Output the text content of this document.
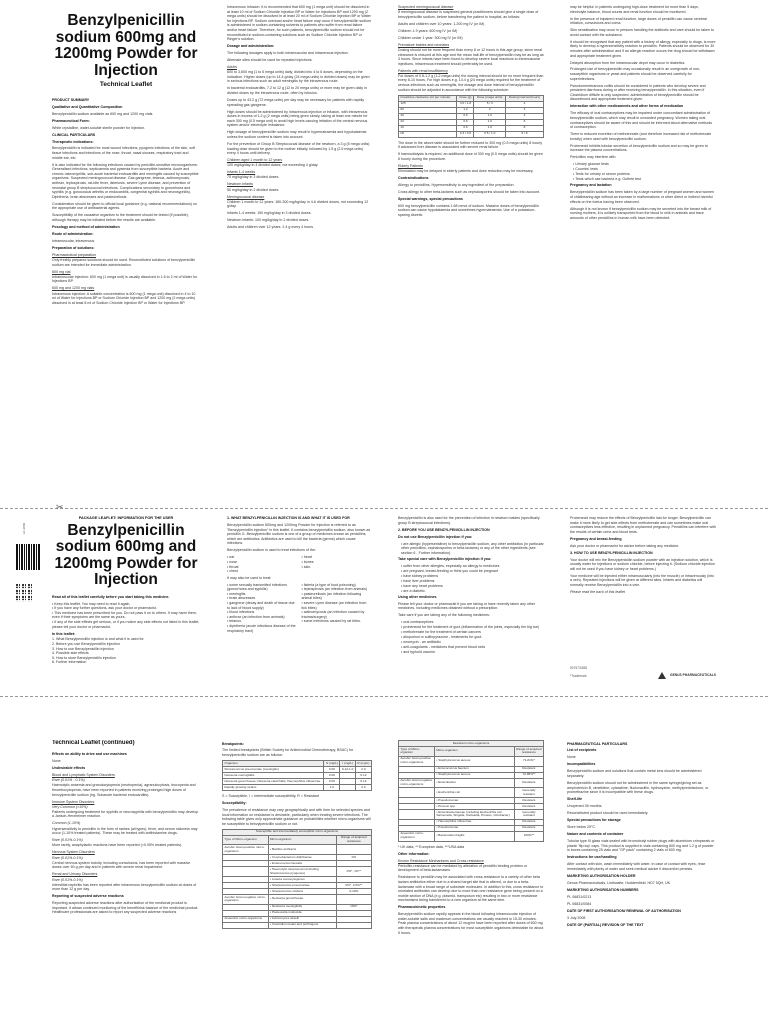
Benzylpenicillin sodium 600mg and 1200mg Powder for Injection
Technical Leaflet

PRODUCT SUMMARY

Qualitative and Quantitative Composition

Benzylpenicillin sodium available as 600 mg and 1200 mg vials.

Pharmaceutical Form:

White crystalline, water-soluble sterile powder for injection.

CLINICAL PARTICULARS

Therapeutic indications:

Benzylpenicillin is indicated for most wound infections, pyogenic infections of the skin, soft tissue infections and infections of the nose, throat, nasal sinuses, respiratory tract and middle ear, etc.

It is also indicated for the following infections caused by penicillin-sensitive microorganisms: Generalised infections, septicaemia and pyaemia from susceptible bacteria. Acute and chronic osteomyelitis, sub-acute bacterial endocarditis and meningitis caused by susceptible organisms. Suspected meningococcal disease. Gas gangrene, tetanus, actinomycosis, anthrax, leptospirosis, rat-bite fever, listeriosis, severe Lyme disease, and prevention of neonatal group B streptococcal infections. Complications secondary to gonorrhoea and syphilis (e.g. gonococcal arthritis or endocarditis, congenital syphilis and neurosyphilis). Diphtheria, brain abscesses and pasteurellosis.

Consideration should be given to official local guidance (e.g. national recommendations) on the appropriate use of antibacterial agents.

Susceptibility of the causative organism to the treatment should be tested (if possible), although therapy may be initiated before the results are available.

Posology and method of administration

Route of administration:

Intramuscular, intravenous.

Preparation of solutions:

Pharmaceutical preparation

Only freshly prepared solutions should be used. Reconstituted solutions of benzylpenicillin sodium are intended for immediate administration.

600 mg vial

Intramuscular injection: 600 mg (1 mega unit) is usually dissolved in 1.6 to 2 ml of Water for Injections BP.

600 mg and 1200 mg vials

Intravenous injection: A suitable concentration is 600 mg (1 mega unit) dissolved in 4 to 10 ml of Water for Injections BP or Sodium Chloride Injection BP and 1200 mg (2 mega units) dissolved in at least 8 ml of Sodium Chloride Injection BP or Water for Injections BP.

Intravenous Infusion: It is recommended that 600 mg (1 mega unit) should be dissolved in at least 10 ml of Sodium Chloride Injection BP or Water for Injections BP and 1200 mg (2 mega units) should be dissolved in at least 20 ml of Sodium Chloride Injection BP or Water for Injections BP. Sodium overload and/or heart failure may occur if benzylpenicillin sodium is administered in sodium-containing solvents to patients who suffer from renal failure and/or heart failure. Therefore, for such patients, benzylpenicillin sodium should not be reconstituted in sodium-containing solutions such as Sodium Chloride Injection BP or Ringer's solution.

Dosage and administration:

The following dosages apply to both intramuscular and intravenous injection.

Alternate sites should be used for repeated injections.

Adults

600 to 3,600 mg (1 to 6 mega units) daily, divided into 4 to 6 doses, depending on the indication. Higher doses (up to 14.4 g/day (24 mega units) in divided doses) may be given in serious infections such as adult meningitis by the intravenous route.

In bacterial endocarditis, 7.2 to 12 g (12 to 20 mega units) or more may be given daily in divided doses by the intravenous route, often by infusion.

Doses up to 43.2 g (72 mega units) per day may be necessary for patients with rapidly spreading gas gangrene.

High doses should be administered by intravenous injection or infusion, with intravenous doses in excess of 1.2 g (2 mega units) being given slowly, taking at least one minute for each 300 mg (0.5 mega unit) to avoid high levels causing irritation of the central nervous system and/or electrolyte imbalance.

High dosage of benzylpenicillin sodium may result in hypernatraemia and hypokalaemia unless the sodium content is taken into account.

For the prevention of Group B Streptococcal disease of the newborn, a 3 g (5 mega units) loading dose should be given to the mother initially, followed by 1.5 g (2.5 mega units) every 4 hours until delivery.

Children aged 1 month to 12 years

100 mg/kg/day in 4 divided doses; not exceeding 4 g/day.

Infants 1-4 weeks

75 mg/kg/day in 3 divided doses.

Newborn infants

50 mg/kg/day in 2 divided doses.

Meningococcal disease

Children 1 month to 12 years: 180-300 mg/kg/day in 4-6 divided doses, not exceeding 12 g/day.

Infants 1-4 weeks: 150 mg/kg/day in 3 divided doses.

Newborn infants: 100 mg/kg/day in 2 divided doses.

Adults and children over 12 years: 2.4 g every 4 hours

Suspected meningococcal disease

If meningococcal disease is suspected general practitioners should give a single dose of benzylpenicillin sodium, before transferring the patient to hospital, as follows:

Adults and children over 10 years: 1,200 mg IV (or IM)

Children 1-9 years: 600 mg IV (or IM)

Children under 1 year: 300 mg IV (or IM)

Premature babies and neonates

Dosing should not be more frequent than every 8 or 12 hours in this age group, since renal clearance is reduced at this age and the mean half-life of benzylpenicillin may be as long as 3 hours. Since infants have been found to develop severe local reactions to intramuscular injections, intravenous treatment should preferably be used.

Patients with renal insufficiency

For doses of 0.6-1.2 g (1-2 mega units) the dosing interval should be no more frequent than every 8-10 hours. For high doses e.g. 14.4 g (24 mega units) required for the treatment of serious infections such as meningitis, the dosage and dose interval of benzylpenicillin sodium should be adjusted in accordance with the following schedule:

Creatinine clearance (ml per minute)	Dose (g)	Dose (mega units)	Dosing interval (hours)
125	3.0 / 1.8	5 / 3	4
60	1.2	2	4
40	0.6	1.0	4
20	0.6	1.0	6
10	0.6	1.0	8
Nil	0.3 / 0.6	0.5 / 1.0	6 / 8

The dose in the above table should be further reduced to 300 mg (0.5 mega units) 8 hourly if advanced liver disease is associated with severe renal failure.

If haemodialysis is required, an additional dose of 300 mg (0.5 mega units) should be given 6 hourly during the procedure.

Elderly Patients

Elimination may be delayed in elderly patients and dose reduction may be necessary.

Contraindications

Allergy to penicillins. Hypersensitivity to any ingredient of the preparation.

Cross allergy to other beta-lactams such as cephalosporins should be taken into account.

Special warnings, special precautions

600 mg benzylpenicillin contains 1.68 mmol of sodium. Massive doses of benzylpenicillin sodium can cause hypokalaemia and sometimes hypernatraemia. Use of a potassium-sparing diuretic

may be helpful. In patients undergoing high-dose treatment for more than 5 days, electrolyte balance, blood counts and renal function should be monitored.

In the presence of impaired renal function, large doses of penicillin can cause cerebral irritation, convulsions and coma.

Skin sensitisation may occur in persons handling the antibiotic and care should be taken to avoid contact with the substance.

It should be recognised that any patient with a history of allergy, especially to drugs, is more likely to develop a hypersensitivity reaction to penicillin. Patients should be observed for 30 minutes after administration and if an allergic reaction occurs the drug should be withdrawn and appropriate treatment given.

Delayed absorption from the intramuscular depot may occur in diabetics.

Prolonged use of benzylpenicillin may occasionally result in an overgrowth of non-susceptible organisms or yeast and patients should be observed carefully for superinfections.

Pseudomembranous colitis should be considered in patients who develop severe and persistent diarrhoea during or after receiving benzylpenicillin. In this situation, even if Clostridium difficile is only suspected, administration of benzylpenicillin should be discontinued and appropriate treatment given.

Interaction with other medicaments and other forms of medication

The efficacy of oral contraceptives may be impaired under concomitant administration of benzylpenicillin sodium, which may result in unwanted pregnancy. Women taking oral contraceptives should be aware of this and should be informed about alternative methods of contraception.

There is reduced excretion of methotrexate (and therefore increased risk of methotrexate toxicity) when used with benzylpenicillin sodium.

Probenecid inhibits tubular secretion of benzylpenicillin sodium and so may be given to increase the plasma concentrations.

Penicillins may interfere with:

• Urinary glucose tests

• Coombs' tests

• Tests for urinary or serum proteins

• Tests which use bacteria e.g. Guthrie test

Pregnancy and lactation

Benzylpenicillin sodium has been taken by a large number of pregnant women and women of childbearing age without an increase in malformations or other direct or indirect harmful effects on the foetus having been observed.

Although it is not known if benzylpenicillin sodium may be secreted into the breast milk of nursing mothers, it is unlikely transported from the blood to milk in animals and trace amounts of other penicillins in human milk have been detected.

✂
LF-1066
PACKAGE LEAFLET: INFORMATION FOR THE USER
Benzylpenicillin sodium 600mg and 1200mg Powder for Injection

Read all of this leaflet carefully before you start taking this medicine.

• Keep this leaflet. You may need to read it again.
• If you have any further questions, ask your doctor or pharmacist.
• This medicine has been prescribed for you. Do not pass it on to others. It may harm them, even if their symptoms are the same as yours.
• If any of the side effects get serious, or if you notice any side effects not listed in this leaflet, please tell your doctor or pharmacist.

In this leaflet:

1. What Benzylpenicillin injection is and what it is used for
2. Before you use Benzylpenicillin injection
3. How to use Benzylpenicillin injection
4. Possible side effects
5. How to store Benzylpenicillin injection
6. Further information

1. WHAT BENZYLPENICILLIN INJECTION IS AND WHAT IT IS USED FOR

Benzylpenicillin sodium 600mg and 1200mg Powder for Injection is referred to as "Benzylpenicillin injection" in this leaflet. It contains benzylpenicillin sodium, also known as penicillin G. Benzylpenicillin sodium is one of a group of medicines known as penicillins, which are antibiotics. Antibiotics are used to kill the bacteria (germs) which cause infections.

Benzylpenicillin sodium is used to treat infections of the:

• ear
• nose
• throat
• chest
• heart
• bones
• skin.

It may also be used to treat:

• some sexually transmitted infections (gonorrhoea and syphilis)
• meningitis
• brain abscesses
• gangrene (decay and death of tissue due to lack of blood supply)
• blood infections
• anthrax (an infection from animals)
• tetanus
• diphtheria (acute infectious disease of the respiratory tract)
• listeria (a type of food poisoning)
• leptospirosis (an infection from animals)
• pasteurellosis (an infection following animal bites)
• severe Lyme disease (an infection from tick bites)
• actinomycosis (an infection caused by trauma/surgery)
• some infections caused by rat bites.

Benzylpenicillin is also used for the prevention of infection in newborn babies (specifically group B streptococcal infections).

2. BEFORE YOU USE BENZYLPENICILLIN INJECTION

Do not use Benzylpenicillin injection if you:

• are allergic (hypersensitive) to benzylpenicillin sodium, any other antibiotics (in particular other penicillins, cephalosporins or beta-lactams) or any of the other ingredients (see section 6 - Further information).

Take special care with Benzylpenicillin injection if you:

• suffer from other allergies, especially an allergy to medicines

• are pregnant, breast-feeding or think you could be pregnant

• have kidney problems

• have liver problems

• have any heart problems

• are a diabetic.

Using other medicines

Please tell your doctor or pharmacist if you are taking or have recently taken any other medicines, including medicines obtained without a prescription.

Take care if you are taking any of the following medicines:

• oral contraceptives

• probenecid for the treatment of gout (inflammation of the joints, especially the big toe)

• methotrexate for the treatment of certain cancers

• allopurinol or sulfinpyrazone - treatments for gout

• neomycin - an antibiotic

• anti-coagulants - medicines that prevent blood clots

• and typhoid vaccine.

Probenecid may reduce the effects of Benzylpenicillin last for longer. Benzylpenicillin can make it more likely to get side-effects from methotrexate and can sometimes make oral contraceptives less effective, resulting in unplanned pregnancy. Penicillins can interfere with the results of certain urine and blood tests.

Pregnancy and breast-feeding

Ask your doctor or pharmacist for advice before taking any medicine.

3. HOW TO USE BENZYLPENICILLIN INJECTION

Your doctor will mix the Benzylpenicillin sodium powder with an injection solution, which is usually water for injections or sodium chloride, before injecting it. (Sodium chloride injection will not be used if you have kidney or heart problems.)

Your medicine will be injected either intramuscularly (into the muscle) or intravenously (into a vein). Repeated injections will be given at different sites. Infants and diabetics will normally receive Benzylpenicillin into a vein.

Please read the back of this leaflet

50757/1588
*Trademark	GENUS PHARMACEUTICALS
Technical Leaflet (continued)

Effects on ability to drive and use machines

None

Undesirable effects

Blood and Lymphatic System Disorders

Rare (0.01% - 0.1%)

Haemolytic anaemia and granulocytopenia (neutropenia), agranulocytosis, leucopenia and thrombocytopenia, have been reported in patients receiving prolonged high doses of benzylpenicillin sodium (eg. Subacute bacterial endocarditis).

Immune System Disorders

Very Common (>10%)

Patients undergoing treatment for syphilis or neurosyphilis with benzylpenicillin may develop a Jarisch-Herxheimer reaction.

Common (1-10%)

Hypersensitivity to penicillin in the form of rashes (all types), fever, and serum sickness may occur (1-10% treated patients). These may be treated with antihistamine drugs.

Rare (0.01%-0.1%)

More rarely, anaphylactic reactions have been reported (<0.05% treated patients).

Nervous System Disorders

Rare (0.01%-0.1%)

Central nervous system toxicity, including convulsions, has been reported with massive doses over 60 g per day and in patients with severe renal impairment.

Renal and Urinary Disorders

Rare (0.01%-0.1%)

Interstitial nephritis has been reported after intravenous benzylpenicillin sodium at doses of more than 12 g per day.

Reporting of suspected adverse reactions

Reporting suspected adverse reactions after authorisation of the medicinal product is important. It allows continued monitoring of the benefit/risk balance of the medicinal product. Healthcare professionals are asked to report any suspected adverse reactions

Breakpoints:

The limited breakpoints (British Society for Antimicrobial Chemotherapy, BSAC) for benzylpenicillin sodium are as follows:

Organism	S (mg/L)	I (mg/L)	R (mg/L)
Streptococcus pneumoniae (meningitis)	0.06	0.12-1.0	2.0
Neisseria meningitidis	0.06		0.12
Neisseria gonorrhoeae; Neisseria catarrhalis; Haemophilus influenzae	0.06		0.12
Rapidly growing strains	1.0		2.0

S = Susceptible, I = Intermediate susceptibility, R = Resistant

Susceptibility:

The prevalence of resistance may vary geographically and with time for selected species and local information on resistance is desirable, particularly when treating severe infections. The following table gives only approximate guidance on probabilities whether micro-organisms will be susceptible to benzylpenicillin sodium or not.

Susceptible and intermediately susceptible micro-organisms		
Type of Micro-organism	Micro-organism	Range of acquired resistance
Aerobic Gram-positive micro-organisms	• Bacillus anthracis	
	• Corynebacterium diphtheriae	0%
	• Enterococcus faecalis	
	• Haemolytic streptococci (including Streptococcus pyogenes)	0%*, 1%**
	• Listeria monocytogenes	
	• Streptococcus pneumoniae	0%*, 0.5%**
	• Streptococcus viridans	0-10%
Aerobic Gram-negative micro-organisms	• Neisseria gonorrhoeae	
	• Neisseria meningitidis	10%*
	• Pasteurella multocida	
Anaerobic micro-organisms	• Actinomyces israelii	
	• Clostridium tetani and perfringens	
Resistant micro-organisms		
Type of Micro-organism	Micro-organism	Range of acquired resistance
Aerobic Gram-positive micro-organisms	• Staphylococcus aureus	71-81%*
	• Enterococcus faecium	Resistant
	• Staphylococcus aureus	70-85%**
Aerobic Gram-negative micro-organisms	• Enterobacter	Resistant
	• Escherichia coli	Generally resistant
	• Pseudomonas	Resistant
	• Proteus spp.	Resistant
	• Enterobacteriaceae (including Escherichia coli, Salmonella, Shigella, Klebsiella, Proteus, Citrobacter)	Generally resistant
	• Haemophilus influenzae	Resistant
	• Pseudomonas	Resistant
Anaerobic micro-organisms	• Bacteroides fragilis	100%**

* UK data, ** European data, ***USA data

Other information:

Known Resistance Mechanisms and Cross-resistance

Penicillin-resistance can be mediated by alteration of penicillin binding proteins or development of beta-lactamases.

Resistance to penicillin may be associated with cross-resistance to a variety of other beta lactam antibiotics either due to a shared target site that is altered, or due to a beta-lactamase with a broad range of substrate molecules. In addition to this, cross resistance to unrelated antibiotics can develop due to more than one resistance gene being present on a mobile section of DNA (e.g. plasmid, transposon etc) resulting in two or more resistance mechanisms being transferred to a new organism at the same time.

Pharmacokinetic properties

Benzylpenicillin sodium rapidly appears in the blood following intramuscular injection of water-soluble salts and maximum concentrations are usually reached in 15-30 minutes. Peak plasma concentrations of about 12 mcg/ml have been reported after doses of 600 mg with therapeutic plasma concentrations for most susceptible organisms detectable for about 5 hours.

PHARMACEUTICAL PARTICULARS

List of excipients

None

Incompatibilities

Benzylpenicillin sodium and solutions that contain metal ions should be administered separately.

Benzylpenicillin sodium should not be administered in the same syringe/giving set as amphotericin B, cimetidine, cytarabine, flucloxacillin, hydroxyzine, methylprednisolone, or promethazine since it is incompatible with these drugs.

Shelf-life

Unopened 36 months.

Reconstituted product should be used immediately.

Special precautions for storage

Store below 25°C.

Nature and contents of container

Tubular type III glass vials sealed with bromobutyl rubber plugs with aluminium crimpseals or plastic 'flip-top' caps. This product is supplied in vials containing 600 mg and 1.2 g of powder in boxes containing 25 vials and "GP pack" containing 2 vials of 600 mg.

Instructions for use/handling

After contact with skin, wash immediately with water. In case of contact with eyes, rinse immediately with plenty of water and seek medical advice if discomfort persists.

MARKETING AUTHORISATION HOLDER

Genus Pharmaceuticals, Linthwaite, Huddersfield, HD7 5QH, UK.

MARKETING AUTHORISATION NUMBERS

PL 06831/0213

PL 06831/0084

DATE OF FIRST AUTHORISATION/ RENEWAL OF AUTHORISATION

3 July 2008

DATE OF (PARTIAL) REVISION OF THE TEXT
